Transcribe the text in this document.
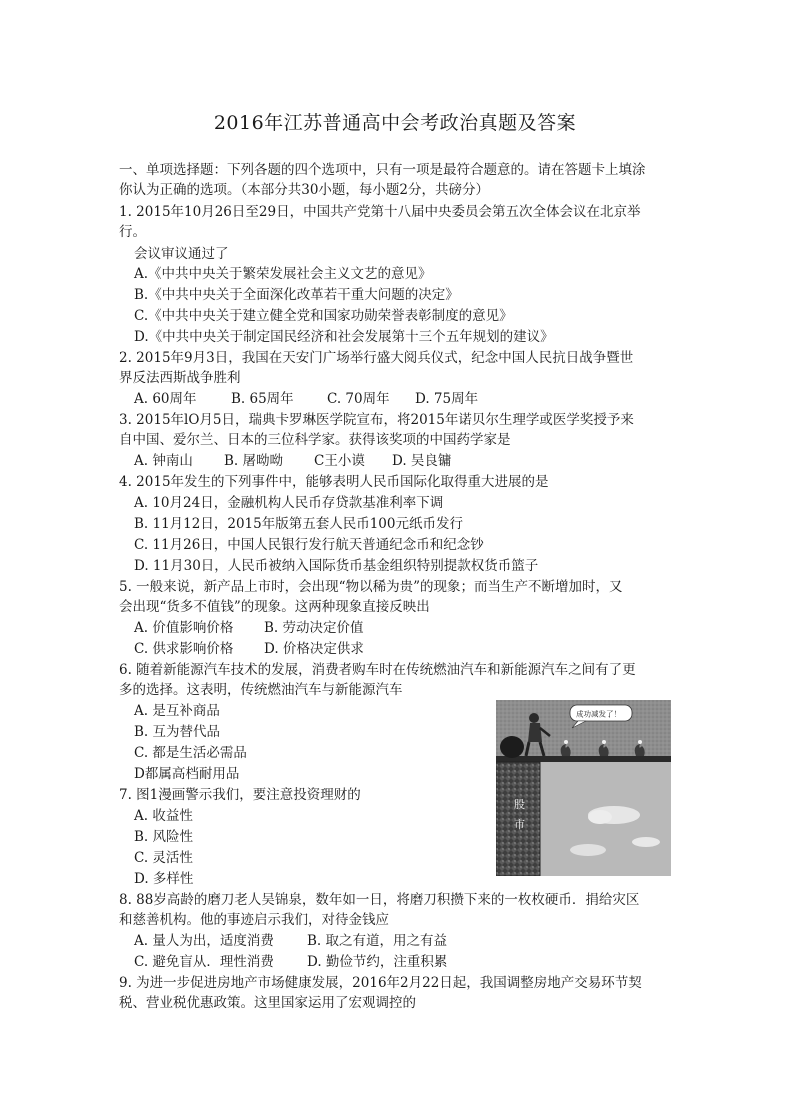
2016年江苏普通高中会考政治真题及答案
一、单项选择题：下列各题的四个选项中，只有一项是最符合题意的。请在答题卡上填涂
你认为正确的选项。（本部分共30小题，每小题2分，共磅分）
1. 2015年10月26日至29日，中国共产党第十八届中央委员会第五次全体会议在北京举
行。
会议审议通过了
A.《中共中央关于繁荣发展社会主义文艺的意见》
B.《中共中央关于全面深化改革若干重大问题的决定》
C.《中共中央关于建立健全党和国家功勋荣誉表彰制度的意见》
D.《中共中央关于制定国民经济和社会发展第十三个五年规划的建议》
2. 2015年9月3日，我国在天安门广场举行盛大阅兵仪式，纪念中国人民抗日战争暨世
界反法西斯战争胜利
A. 60周年	B. 65周年 C. 70周年 D. 75周年
3. 2015年lO月5日，瑞典卡罗琳医学院宣布，将2015年诺贝尔生理学或医学奖授予来
自中国、爱尔兰、日本的三位科学家。获得该奖项的中国药学家是
A. 钟南山 B. 屠呦呦 C王小谟 D. 吴良镛
4. 2015年发生的下列事件中，能够表明人民币国际化取得重大进展的是
A. 10月24日，金融机构人民币存贷款基准利率下调
B. 11月12日，2015年版第五套人民币100元纸币发行
C. 11月26日，中国人民银行发行航天普通纪念币和纪念钞
D. 11月30日，人民币被纳入国际货币基金组织特别提款权货币篮子
5. 一般来说，新产品上市时，会出现“物以稀为贵”的现象；而当生产不断增加时，又
会出现“货多不值钱”的现象。这两种现象直接反映出
A. 价值影响价格 B. 劳动决定价值
C. 供求影响价格 D. 价格决定供求
6. 随着新能源汽车技术的发展，消费者购车时在传统燃油汽车和新能源汽车之间有了更
多的选择。这表明，传统燃油汽车与新能源汽车
A. 是互补商品
B. 互为替代品
C. 都是生活必需品
D都属高档耐用品
7. 图1漫画警示我们，要注意投资理财的
A. 收益性
B. 风险性
C. 灵活性
D. 多样性
8. 88岁高龄的磨刀老人吴锦泉，数年如一日，将磨刀积攒下来的一枚枚硬币．捐给灾区
和慈善机构。他的事迹启示我们，对待金钱应
A. 量人为出，适度消费 B. 取之有道，用之有益
C. 避免盲从．理性消费 D. 勤俭节约，注重积累
9. 为进一步促进房地产市场健康发展，2016年2月22日起，我国调整房地产交易环节契
税、营业税优惠政策。这里国家运用了宏观调控的
股
市
成功减发了！
